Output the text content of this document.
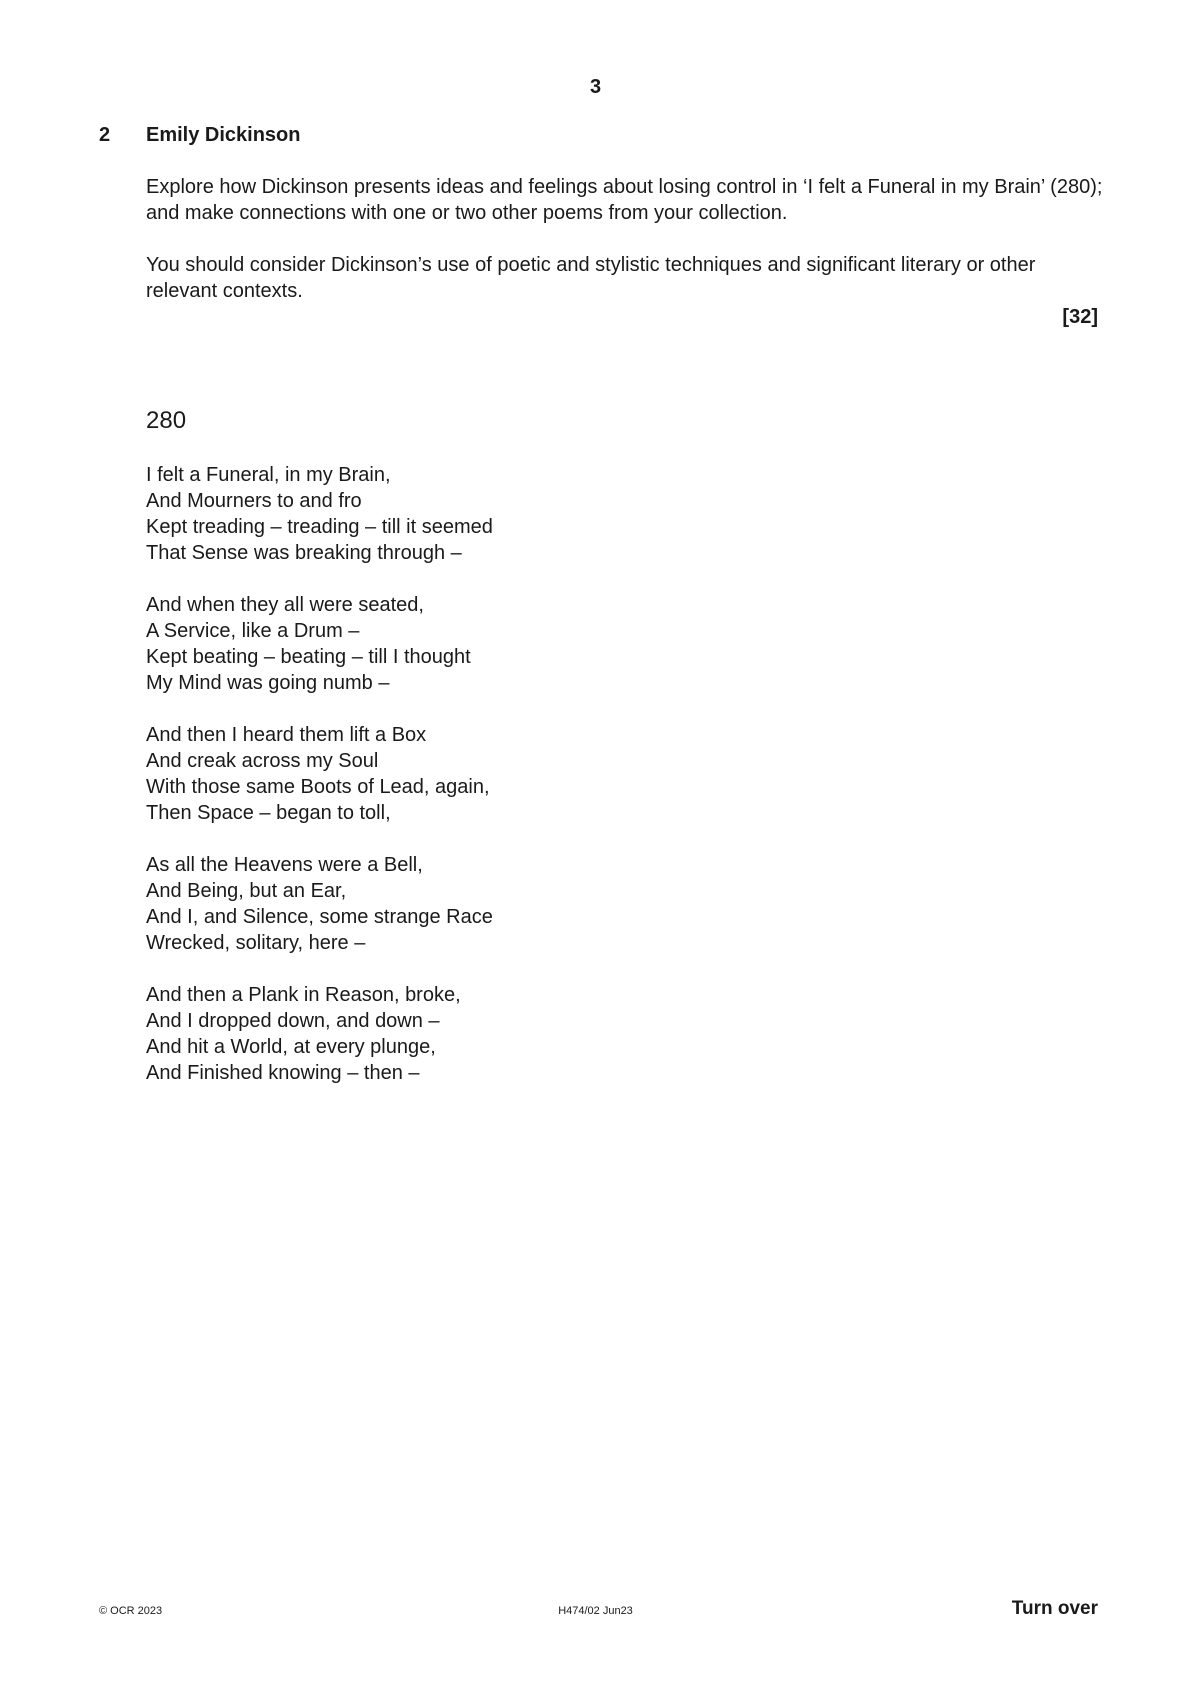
3
2 Emily Dickinson

Explore how Dickinson presents ideas and feelings about losing control in ‘I felt a Funeral in my Brain’ (280); and make connections with one or two other poems from your collection.

You should consider Dickinson’s use of poetic and stylistic techniques and significant literary or other relevant contexts.

[32]
280
I felt a Funeral, in my Brain,
And Mourners to and fro
Kept treading – treading – till it seemed
That Sense was breaking through –
And when they all were seated,
A Service, like a Drum –
Kept beating – beating – till I thought
My Mind was going numb –
And then I heard them lift a Box
And creak across my Soul
With those same Boots of Lead, again,
Then Space – began to toll,
As all the Heavens were a Bell,
And Being, but an Ear,
And I, and Silence, some strange Race
Wrecked, solitary, here –
And then a Plank in Reason, broke,
And I dropped down, and down –
And hit a World, at every plunge,
And Finished knowing – then –
© OCR 2023	H474/02 Jun23	Turn over
